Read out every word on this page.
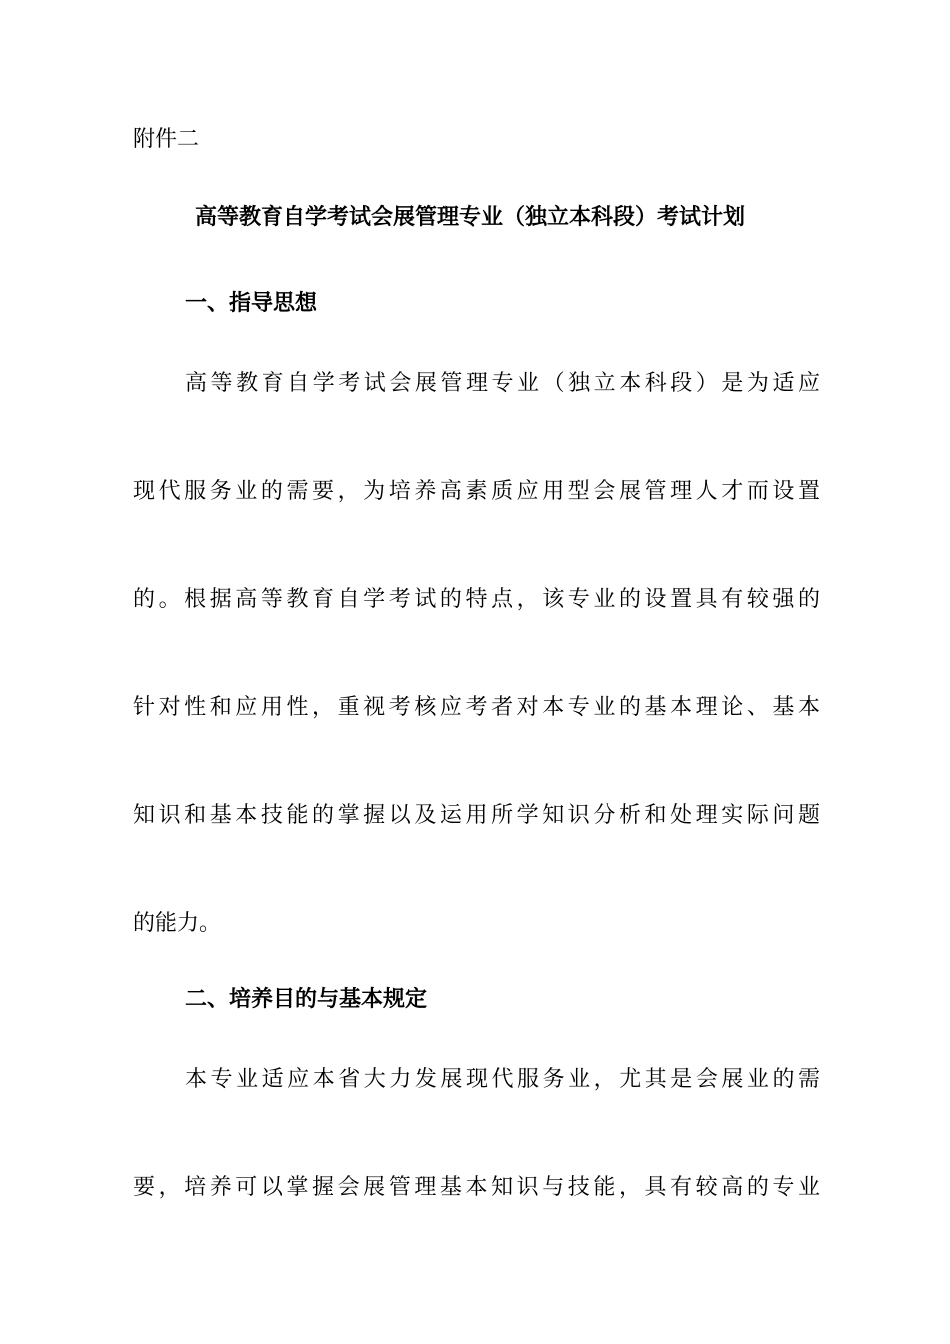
附件二
高等教育自学考试会展管理专业（独立本科段）考试计划
一、指导思想
高等教育自学考试会展管理专业（独立本科段）是为适应
现代服务业的需要，为培养高素质应用型会展管理人才而设置
的。根据高等教育自学考试的特点，该专业的设置具有较强的
针对性和应用性，重视考核应考者对本专业的基本理论、基本
知识和基本技能的掌握以及运用所学知识分析和处理实际问题
的能力。
二、培养目的与基本规定
本专业适应本省大力发展现代服务业，尤其是会展业的需
要，培养可以掌握会展管理基本知识与技能，具有较高的专业
